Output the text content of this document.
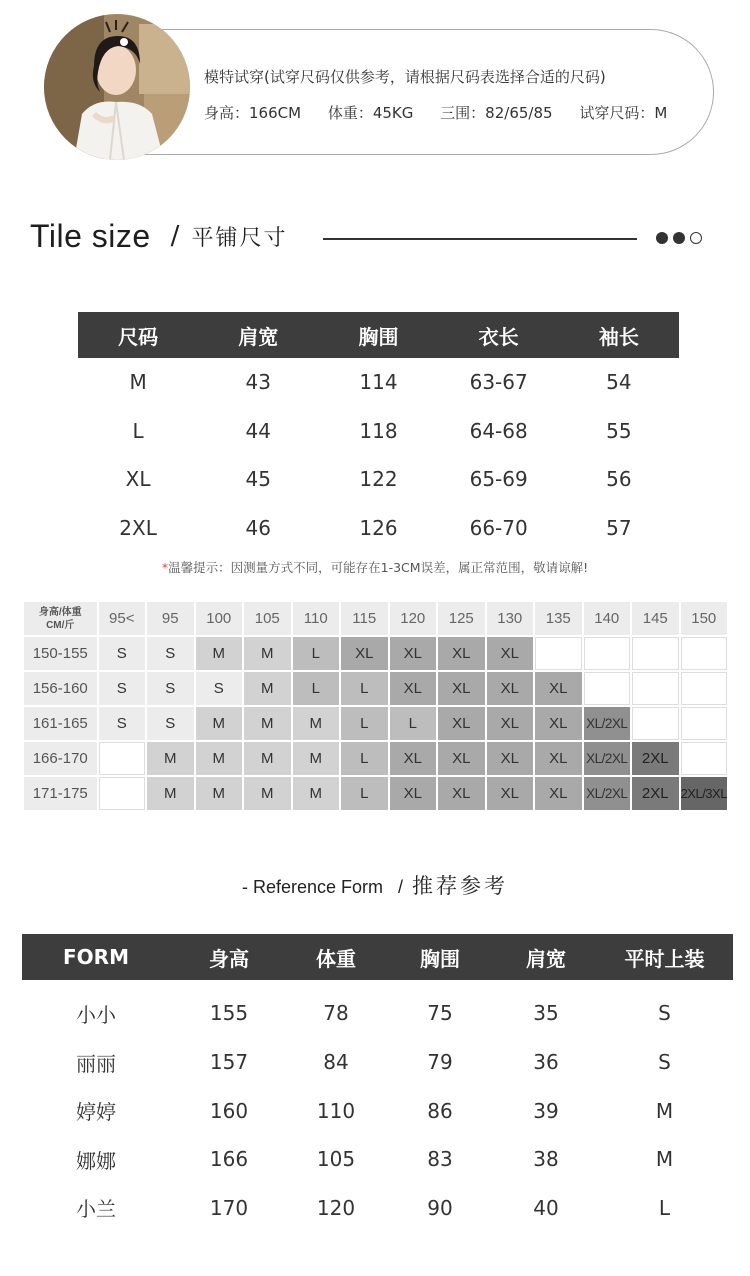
模特试穿(试穿尺码仅供参考，请根据尺码表选择合适的尺码)
身高：166CM 体重：45KG 三围：82/65/85 试穿尺码：M
Tile size / 平铺尺寸
尺码	肩宽	胸围	衣长	袖长
M	43	114	63-67	54
L	44	118	64-68	55
XL	45	122	65-69	56
2XL	46	126	66-70	57
*温馨提示：因测量方式不同，可能存在1-3CM误差，属正常范围，敬请谅解!
身高/体重
CM/斤	95<	95	100	105	110	115	120	125	130	135	140	145	150
150-155	S	S	M	M	L	XL	XL	XL	XL				
156-160	S	S	S	M	L	L	XL	XL	XL	XL			
161-165	S	S	M	M	M	L	L	XL	XL	XL	XL/2XL		
166-170		M	M	M	M	L	XL	XL	XL	XL	XL/2XL	2XL	
171-175		M	M	M	M	L	XL	XL	XL	XL	XL/2XL	2XL	2XL/3XL
- Reference Form / 推荐参考
FORM	身高	体重	胸围	肩宽	平时上装
小小	155	78	75	35	S
丽丽	157	84	79	36	S
婷婷	160	110	86	39	M
娜娜	166	105	83	38	M
小兰	170	120	90	40	L
